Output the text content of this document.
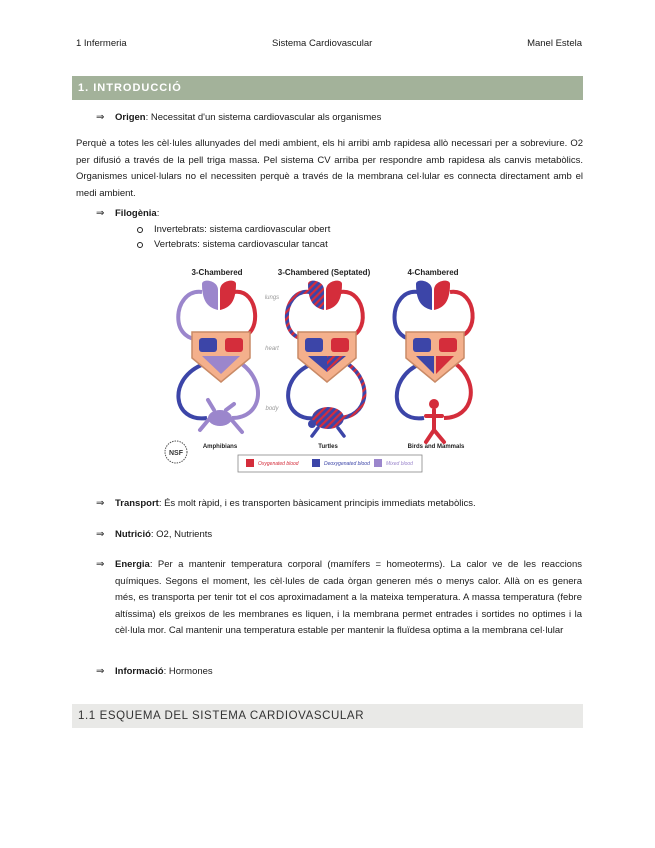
1 Infermeria	Sistema Cardiovascular	Manel Estela
1. INTRODUCCIÓ
⇒ Origen: Necessitat d'un sistema cardiovascular als organismes
Perquè a totes les cèl·lules allunyades del medi ambient, els hi arribi amb rapidesa allò necessari per a sobreviure. O2 per difusió a través de la pell triga massa. Pel sistema CV arriba per respondre amb rapidesa als canvis metabòlics. Organismes unicel·lulars no el necessiten perquè a través de la membrana cel·lular es connecta directament amb el medi ambient.
⇒ Filogènia:
Invertebrats: sistema cardiovascular obert
Vertebrats: sistema cardiovascular tancat
3-Chambered	3-Chambered (Septated)	4-Chambered
lungs
heart
body
Amphibians	Turtles	Birds and Mammals
NSF
Oxygenated blood	Deoxygenated blood	Mixed blood
⇒ Transport: És molt ràpid, i es transporten bàsicament principis immediats metabòlics.
⇒ Nutrició: O2, Nutrients
⇒ Energia: Per a mantenir temperatura corporal (mamífers = homeoterms). La calor ve de les reaccions químiques. Segons el moment, les cèl·lules de cada òrgan generen més o menys calor. Allà on es genera més, es transporta per tenir tot el cos aproximadament a la mateixa temperatura. A massa temperatura (febre altíssima) els greixos de les membranes es liquen, i la membrana permet entrades i sortides no optimes i la cèl·lula mor. Cal mantenir una temperatura estable per mantenir la fluïdesa optima a la membrana cel·lular
⇒ Informació: Hormones
1.1 ESQUEMA DEL SISTEMA CARDIOVASCULAR
